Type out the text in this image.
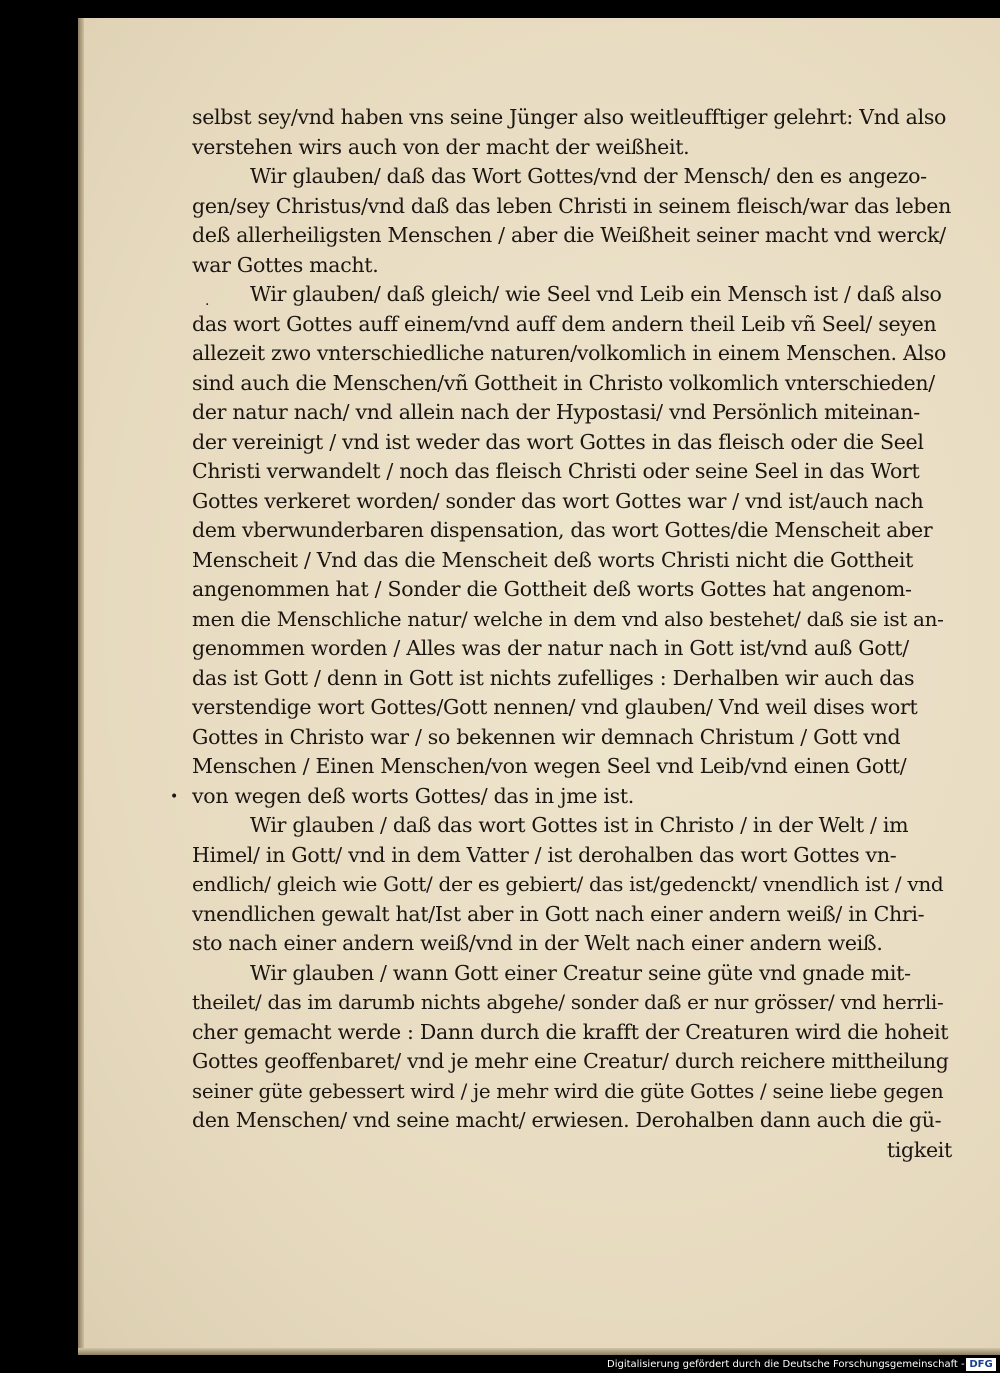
·
•
selbst sey/vnd haben vns seine Jünger also weitleufftiger gelehrt: Vnd also
verstehen wirs auch von der macht der weißheit.
Wir glauben/ daß das Wort Gottes/vnd der Mensch/ den es angezo-
gen/sey Christus/vnd daß das leben Christi in seinem fleisch/war das leben
deß allerheiligsten Menschen / aber die Weißheit seiner macht vnd werck/
war Gottes macht.
Wir glauben/ daß gleich/ wie Seel vnd Leib ein Mensch ist / daß also
das wort Gottes auff einem/vnd auff dem andern theil Leib vñ Seel/ seyen
allezeit zwo vnterschiedliche naturen/volkomlich in einem Menschen. Also
sind auch die Menschen/vñ Gottheit in Christo volkomlich vnterschieden/
der natur nach/ vnd allein nach der Hypostasi/ vnd Persönlich miteinan-
der vereinigt / vnd ist weder das wort Gottes in das fleisch oder die Seel
Christi verwandelt / noch das fleisch Christi oder seine Seel in das Wort
Gottes verkeret worden/ sonder das wort Gottes war / vnd ist/auch nach
dem vberwunderbaren dispensation, das wort Gottes/die Menscheit aber
Menscheit / Vnd das die Menscheit deß worts Christi nicht die Gottheit
angenommen hat / Sonder die Gottheit deß worts Gottes hat angenom-
men die Menschliche natur/ welche in dem vnd also bestehet/ daß sie ist an-
genommen worden / Alles was der natur nach in Gott ist/vnd auß Gott/
das ist Gott / denn in Gott ist nichts zufelliges : Derhalben wir auch das
verstendige wort Gottes/Gott nennen/ vnd glauben/ Vnd weil dises wort
Gottes in Christo war / so bekennen wir demnach Christum / Gott vnd
Menschen / Einen Menschen/von wegen Seel vnd Leib/vnd einen Gott/
von wegen deß worts Gottes/ das in jme ist.
Wir glauben / daß das wort Gottes ist in Christo / in der Welt / im
Himel/ in Gott/ vnd in dem Vatter / ist derohalben das wort Gottes vn-
endlich/ gleich wie Gott/ der es gebiert/ das ist/gedenckt/ vnendlich ist / vnd
vnendlichen gewalt hat/Ist aber in Gott nach einer andern weiß/ in Chri-
sto nach einer andern weiß/vnd in der Welt nach einer andern weiß.
Wir glauben / wann Gott einer Creatur seine güte vnd gnade mit-
theilet/ das im darumb nichts abgehe/ sonder daß er nur grösser/ vnd herrli-
cher gemacht werde : Dann durch die krafft der Creaturen wird die hoheit
Gottes geoffenbaret/ vnd je mehr eine Creatur/ durch reichere mittheilung
seiner güte gebessert wird / je mehr wird die güte Gottes / seine liebe gegen
den Menschen/ vnd seine macht/ erwiesen. Derohalben dann auch die gü-
tigkeit
Digitalisierung gefördert durch die Deutsche Forschungsgemeinschaft - DFG
